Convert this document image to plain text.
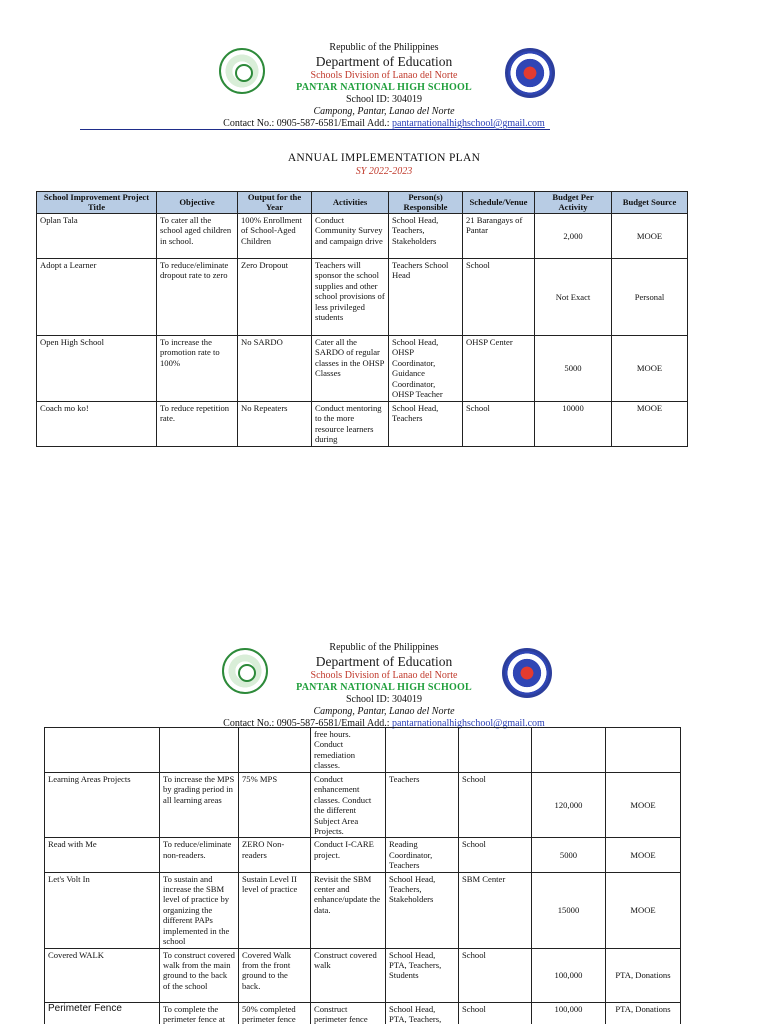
Republic of the Philippines
Department of Education
Schools Division of Lanao del Norte
PANTAR NATIONAL HIGH SCHOOL
School ID: 304019
Campong, Pantar, Lanao del Norte
Contact No.: 0905-587-6581/Email Add.: pantarnationalhighschool@gmail.com
ANNUAL IMPLEMENTATION PLAN
SY 2022-2023
School Improvement Project Title	Objective	Output for the Year	Activities	Person(s) Responsible	Schedule/Venue	Budget Per Activity	Budget Source
Oplan Tala	To cater all the school aged children in school.	100% Enrollment of School-Aged Children	Conduct Community Survey and campaign drive	School Head, Teachers, Stakeholders	21 Barangays of Pantar	2,000	MOOE
Adopt a Learner	To reduce/eliminate dropout rate to zero	Zero Dropout	Teachers will sponsor the school supplies and other school provisions of less privileged students	Teachers School Head	School	Not Exact	Personal
Open High School	To increase the promotion rate to 100%	No SARDO	Cater all the SARDO of regular classes in the OHSP Classes	School Head, OHSP Coordinator, Guidance Coordinator, OHSP Teacher	OHSP Center	5000	MOOE
Coach mo ko!	To reduce repetition rate.	No Repeaters	Conduct mentoring to the more resource learners during	School Head, Teachers	School	10000	MOOE
Republic of the Philippines
Department of Education
Schools Division of Lanao del Norte
PANTAR NATIONAL HIGH SCHOOL
School ID: 304019
Campong, Pantar, Lanao del Norte
Contact No.: 0905-587-6581/Email Add.: pantarnationalhighschool@gmail.com
			free hours. Conduct remediation classes.				
Learning Areas Projects	To increase the MPS by grading period in all learning areas	75% MPS	Conduct enhancement classes. Conduct the different Subject Area Projects.	Teachers	School	120,000	MOOE
Read with Me	To reduce/eliminate non-readers.	ZERO Non-readers	Conduct I-CARE project.	Reading Coordinator, Teachers	School	5000	MOOE
Let's Volt In	To sustain and increase the SBM level of practice by organizing the different PAPs implemented in the school	Sustain Level II level of practice	Revisit the SBM center and enhance/update the data.	School Head, Teachers, Stakeholders	SBM Center	15000	MOOE
Covered WALK	To construct covered walk from the main ground to the back of the school	Covered Walk from the front ground to the back.	Construct covered walk	School Head, PTA, Teachers, Students	School	100,000	PTA, Donations
Perimeter Fence	To complete the perimeter fence at	50% completed perimeter fence	Construct perimeter fence	School Head, PTA, Teachers,	School	100,000	PTA, Donations
